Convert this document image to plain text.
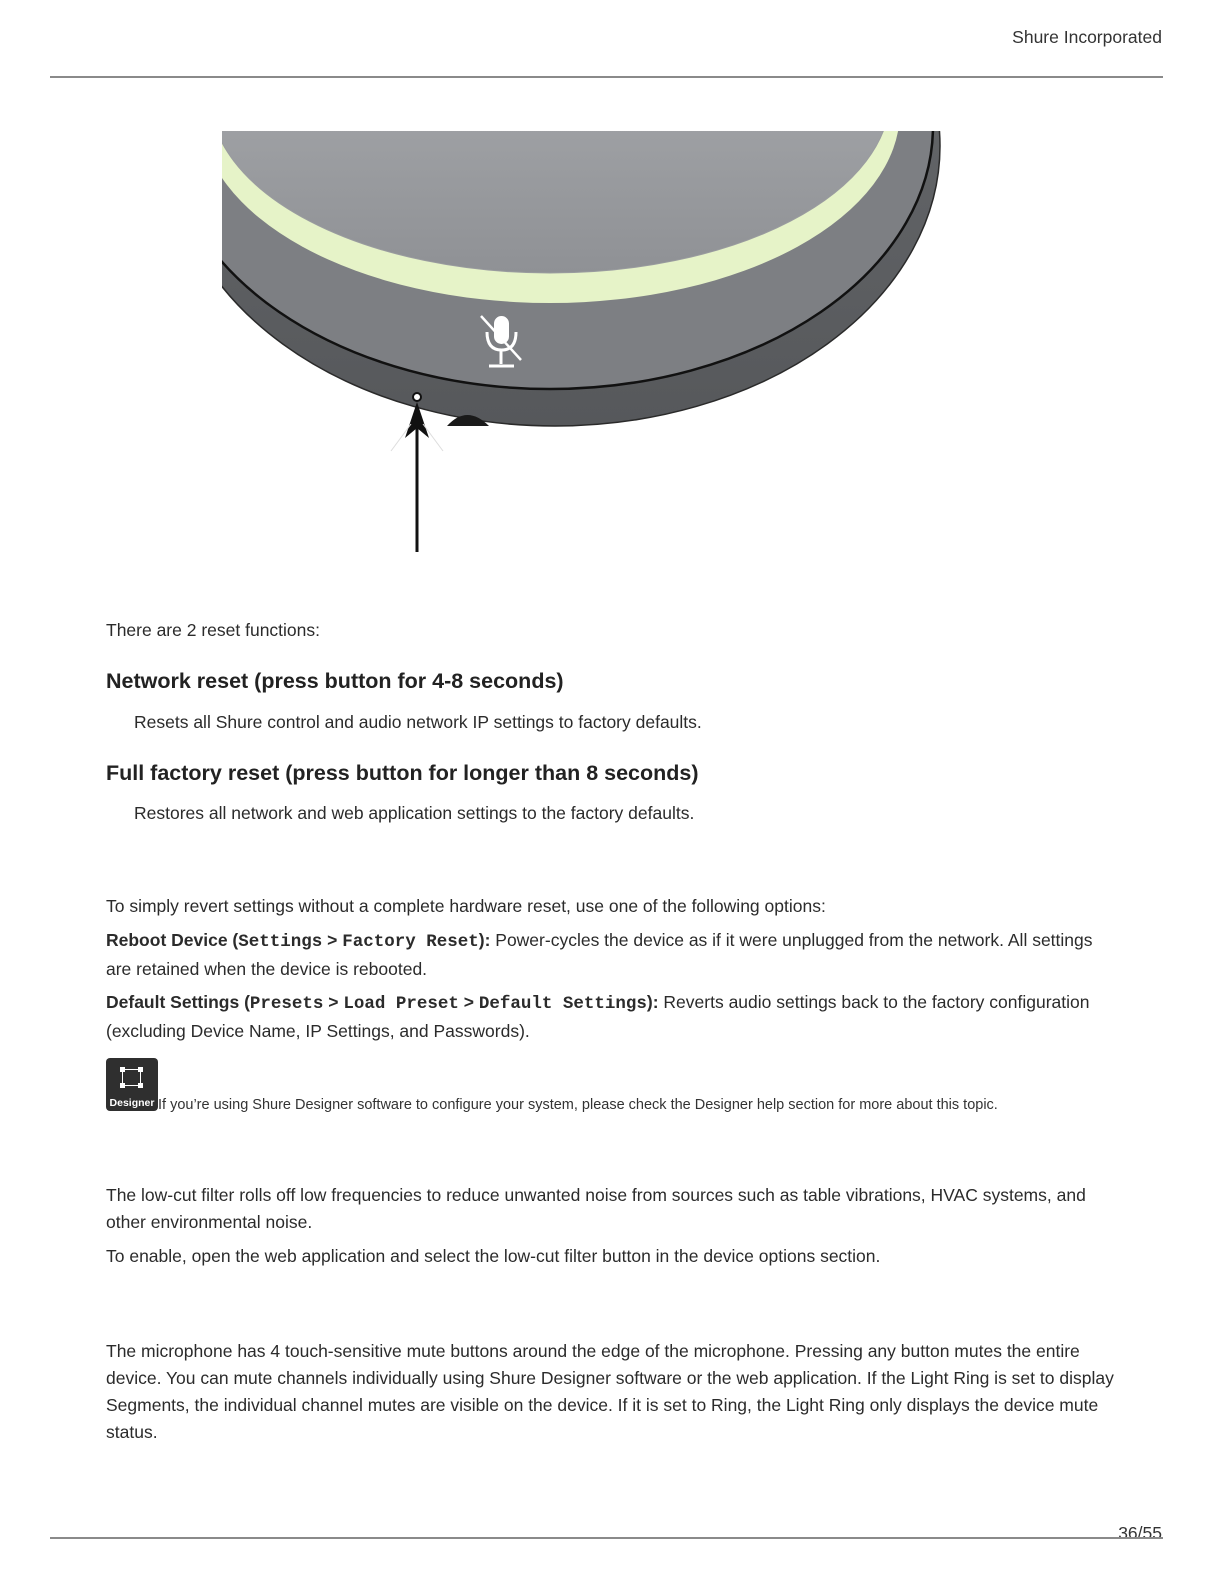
Shure Incorporated

There are 2 reset functions:

Network reset (press button for 4-8 seconds)

Resets all Shure control and audio network IP settings to factory defaults.

Full factory reset (press button for longer than 8 seconds)

Restores all network and web application settings to the factory defaults.

To simply revert settings without a complete hardware reset, use one of the following options:

Reboot Device (Settings > Factory Reset): Power-cycles the device as if it were unplugged from the network. All settings are retained when the device is rebooted.

Default Settings (Presets > Load Preset > Default Settings): Reverts audio settings back to the factory configuration (excluding Device Name, IP Settings, and Passwords).

Designer If you’re using Shure Designer software to configure your system, please check the Designer help section for more about this topic.

The low-cut filter rolls off low frequencies to reduce unwanted noise from sources such as table vibrations, HVAC systems, and other environmental noise.

To enable, open the web application and select the low-cut filter button in the device options section.

The microphone has 4 touch-sensitive mute buttons around the edge of the microphone. Pressing any button mutes the entire device. You can mute channels individually using Shure Designer software or the web application. If the Light Ring is set to display Segments, the individual channel mutes are visible on the device. If it is set to Ring, the Light Ring only displays the device mute status.

36/55
